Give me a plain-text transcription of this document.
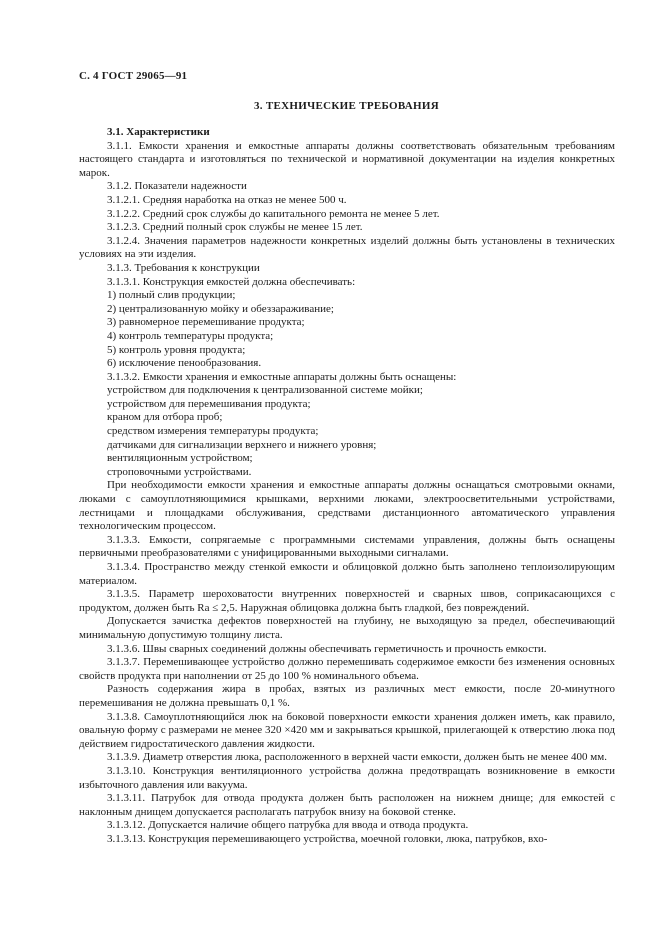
С. 4 ГОСТ 29065—91
3. ТЕХНИЧЕСКИЕ ТРЕБОВАНИЯ

3.1. Характеристики

3.1.1. Емкости хранения и емкостные аппараты должны соответствовать обязательным требованиям настоящего стандарта и изготовляться по технической и нормативной документации на изделия конкретных марок.

3.1.2. Показатели надежности

3.1.2.1. Средняя наработка на отказ не менее 500 ч.

3.1.2.2. Средний срок службы до капитального ремонта не менее 5 лет.

3.1.2.3. Средний полный срок службы не менее 15 лет.

3.1.2.4. Значения параметров надежности конкретных изделий должны быть установлены в технических условиях на эти изделия.

3.1.3. Требования к конструкции

3.1.3.1. Конструкция емкостей должна обеспечивать:

1) полный слив продукции;

2) централизованную мойку и обеззараживание;

3) равномерное перемешивание продукта;

4) контроль температуры продукта;

5) контроль уровня продукта;

6) исключение пенообразования.

3.1.3.2. Емкости хранения и емкостные аппараты должны быть оснащены:

устройством для подключения к централизованной системе мойки;

устройством для перемешивания продукта;

краном для отбора проб;

средством измерения температуры продукта;

датчиками для сигнализации верхнего и нижнего уровня;

вентиляционным устройством;

строповочными устройствами.

При необходимости емкости хранения и емкостные аппараты должны оснащаться смотровыми окнами, люками с самоуплотняющимися крышками, верхними люками, электроосветительными устройствами, лестницами и площадками обслуживания, средствами дистанционного автоматического управления технологическим процессом.

3.1.3.3. Емкости, сопрягаемые с программными системами управления, должны быть оснащены первичными преобразователями с унифицированными выходными сигналами.

3.1.3.4. Пространство между стенкой емкости и облицовкой должно быть заполнено теплоизолирующим материалом.

3.1.3.5. Параметр шероховатости внутренних поверхностей и сварных швов, соприкасающихся с продуктом, должен быть Ra ≤ 2,5. Наружная облицовка должна быть гладкой, без повреждений.

Допускается зачистка дефектов поверхностей на глубину, не выходящую за предел, обеспечивающий минимальную допустимую толщину листа.

3.1.3.6. Швы сварных соединений должны обеспечивать герметичность и прочность емкости.

3.1.3.7. Перемешивающее устройство должно перемешивать содержимое емкости без изменения основных свойств продукта при наполнении от 25 до 100 % номинального объема.

Разность содержания жира в пробах, взятых из различных мест емкости, после 20-минутного перемешивания не должна превышать 0,1 %.

3.1.3.8. Самоуплотняющийся люк на боковой поверхности емкости хранения должен иметь, как правило, овальную форму с размерами не менее 320 ×420 мм и закрываться крышкой, прилегающей к отверстию люка под действием гидростатического давления жидкости.

3.1.3.9. Диаметр отверстия люка, расположенного в верхней части емкости, должен быть не менее 400 мм.

3.1.3.10. Конструкция вентиляционного устройства должна предотвращать возникновение в емкости избыточного давления или вакуума.

3.1.3.11. Патрубок для отвода продукта должен быть расположен на нижнем днище; для емкостей с наклонным днищем допускается располагать патрубок внизу на боковой стенке.

3.1.3.12. Допускается наличие общего патрубка для ввода и отвода продукта.

3.1.3.13. Конструкция перемешивающего устройства, моечной головки, люка, патрубков, вхо-
